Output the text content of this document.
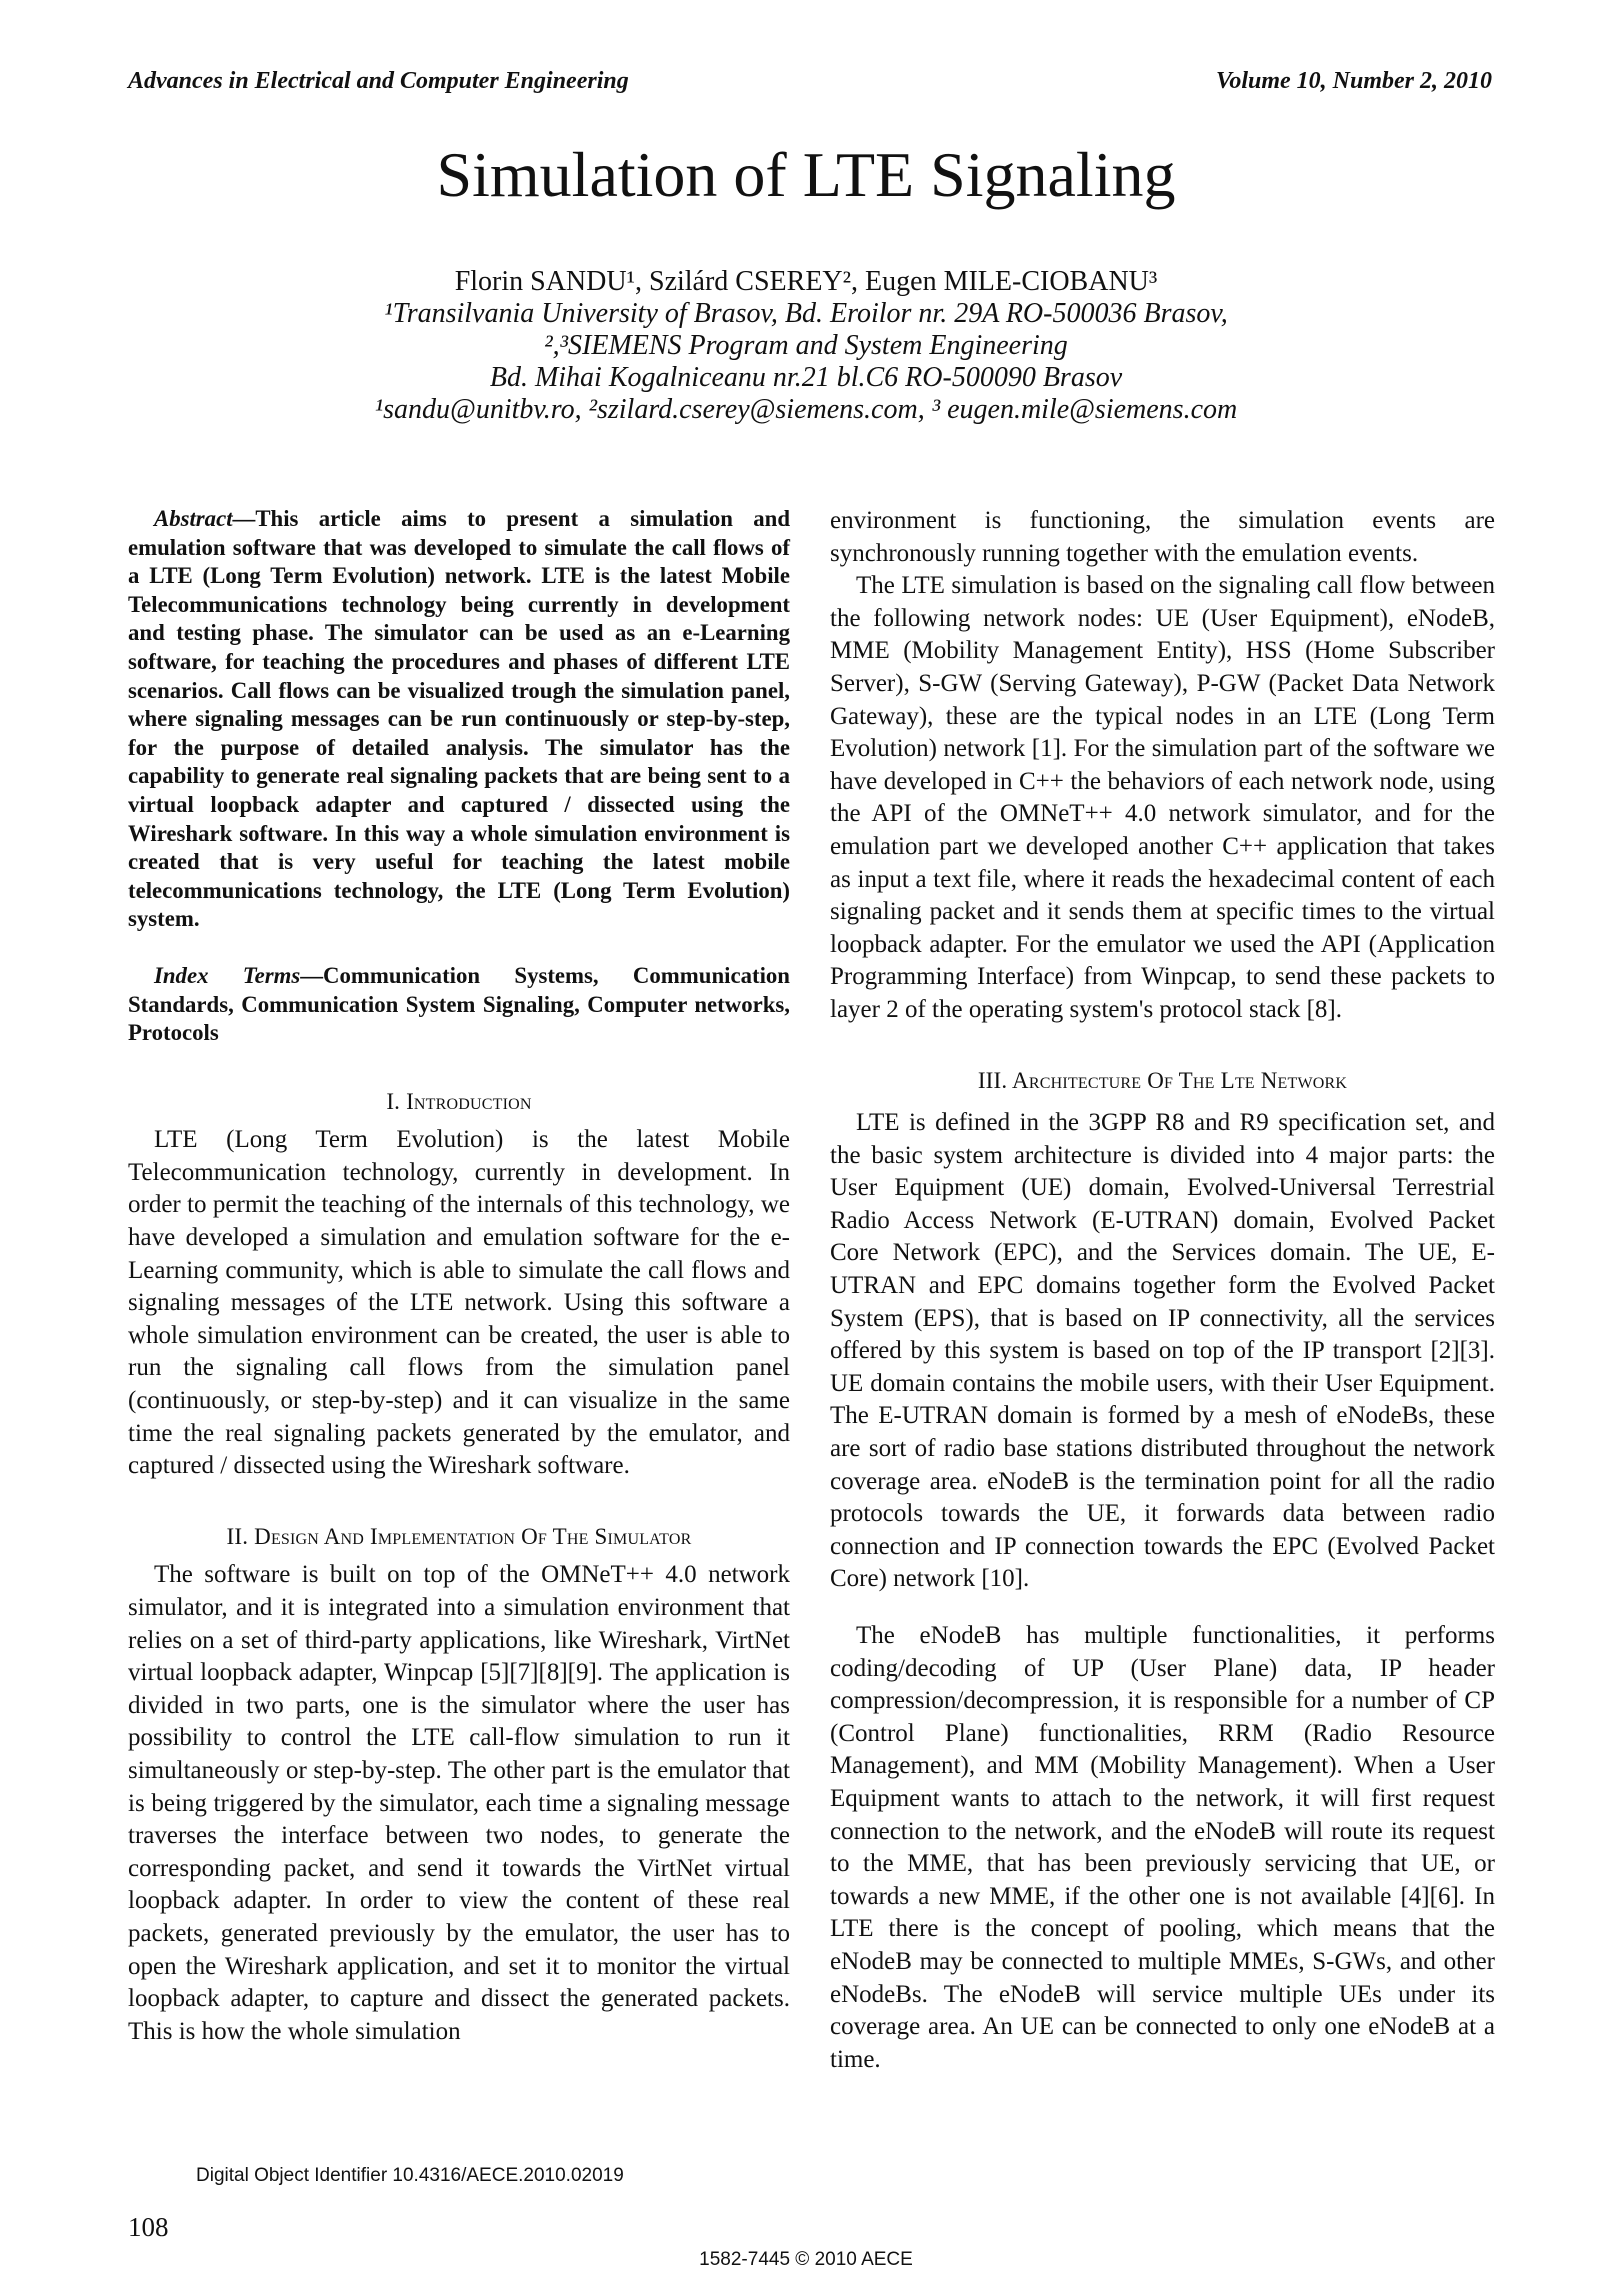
Advances in Electrical and Computer Engineering	Volume 10, Number 2, 2010
Simulation of LTE Signaling
Florin SANDU¹, Szilárd CSEREY², Eugen MILE-CIOBANU³
¹Transilvania University of Brasov, Bd. Eroilor nr. 29A RO-500036 Brasov,
²,³SIEMENS Program and System Engineering
Bd. Mihai Kogalniceanu nr.21 bl.C6 RO-500090 Brasov
¹sandu@unitbv.ro, ²szilard.cserey@siemens.com, ³ eugen.mile@siemens.com

Abstract—This article aims to present a simulation and emulation software that was developed to simulate the call flows of a LTE (Long Term Evolution) network. LTE is the latest Mobile Telecommunications technology being currently in development and testing phase. The simulator can be used as an e-Learning software, for teaching the procedures and phases of different LTE scenarios. Call flows can be visualized trough the simulation panel, where signaling messages can be run continuously or step-by-step, for the purpose of detailed analysis. The simulator has the capability to generate real signaling packets that are being sent to a virtual loopback adapter and captured / dissected using the Wireshark software. In this way a whole simulation environment is created that is very useful for teaching the latest mobile telecommunications technology, the LTE (Long Term Evolution) system.

Index Terms—Communication Systems, Communication Standards, Communication System Signaling, Computer networks, Protocols

I. Introduction

LTE (Long Term Evolution) is the latest Mobile Telecommunication technology, currently in development. In order to permit the teaching of the internals of this technology, we have developed a simulation and emulation software for the e-Learning community, which is able to simulate the call flows and signaling messages of the LTE network. Using this software a whole simulation environment can be created, the user is able to run the signaling call flows from the simulation panel (continuously, or step-by-step) and it can visualize in the same time the real signaling packets generated by the emulator, and captured / dissected using the Wireshark software.

II. Design And Implementation Of The Simulator

The software is built on top of the OMNeT++ 4.0 network simulator, and it is integrated into a simulation environment that relies on a set of third-party applications, like Wireshark, VirtNet virtual loopback adapter, Winpcap [5][7][8][9]. The application is divided in two parts, one is the simulator where the user has possibility to control the LTE call-flow simulation to run it simultaneously or step-by-step. The other part is the emulator that is being triggered by the simulator, each time a signaling message traverses the interface between two nodes, to generate the corresponding packet, and send it towards the VirtNet virtual loopback adapter. In order to view the content of these real packets, generated previously by the emulator, the user has to open the Wireshark application, and set it to monitor the virtual loopback adapter, to capture and dissect the generated packets. This is how the whole simulation

environment is functioning, the simulation events are synchronously running together with the emulation events.

The LTE simulation is based on the signaling call flow between the following network nodes: UE (User Equipment), eNodeB, MME (Mobility Management Entity), HSS (Home Subscriber Server), S-GW (Serving Gateway), P-GW (Packet Data Network Gateway), these are the typical nodes in an LTE (Long Term Evolution) network [1]. For the simulation part of the software we have developed in C++ the behaviors of each network node, using the API of the OMNeT++ 4.0 network simulator, and for the emulation part we developed another C++ application that takes as input a text file, where it reads the hexadecimal content of each signaling packet and it sends them at specific times to the virtual loopback adapter. For the emulator we used the API (Application Programming Interface) from Winpcap, to send these packets to layer 2 of the operating system's protocol stack [8].

III. Architecture Of The Lte Network

LTE is defined in the 3GPP R8 and R9 specification set, and the basic system architecture is divided into 4 major parts: the User Equipment (UE) domain, Evolved-Universal Terrestrial Radio Access Network (E-UTRAN) domain, Evolved Packet Core Network (EPC), and the Services domain. The UE, E-UTRAN and EPC domains together form the Evolved Packet System (EPS), that is based on IP connectivity, all the services offered by this system is based on top of the IP transport [2][3]. UE domain contains the mobile users, with their User Equipment. The E-UTRAN domain is formed by a mesh of eNodeBs, these are sort of radio base stations distributed throughout the network coverage area. eNodeB is the termination point for all the radio protocols towards the UE, it forwards data between radio connection and IP connection towards the EPC (Evolved Packet Core) network [10].

The eNodeB has multiple functionalities, it performs coding/decoding of UP (User Plane) data, IP header compression/decompression, it is responsible for a number of CP (Control Plane) functionalities, RRM (Radio Resource Management), and MM (Mobility Management). When a User Equipment wants to attach to the network, it will first request connection to the network, and the eNodeB will route its request to the MME, that has been previously servicing that UE, or towards a new MME, if the other one is not available [4][6]. In LTE there is the concept of pooling, which means that the eNodeB may be connected to multiple MMEs, S-GWs, and other eNodeBs. The eNodeB will service multiple UEs under its coverage area. An UE can be connected to only one eNodeB at a time.

Digital Object Identifier 10.4316/AECE.2010.02019
108
1582-7445 © 2010 AECE
